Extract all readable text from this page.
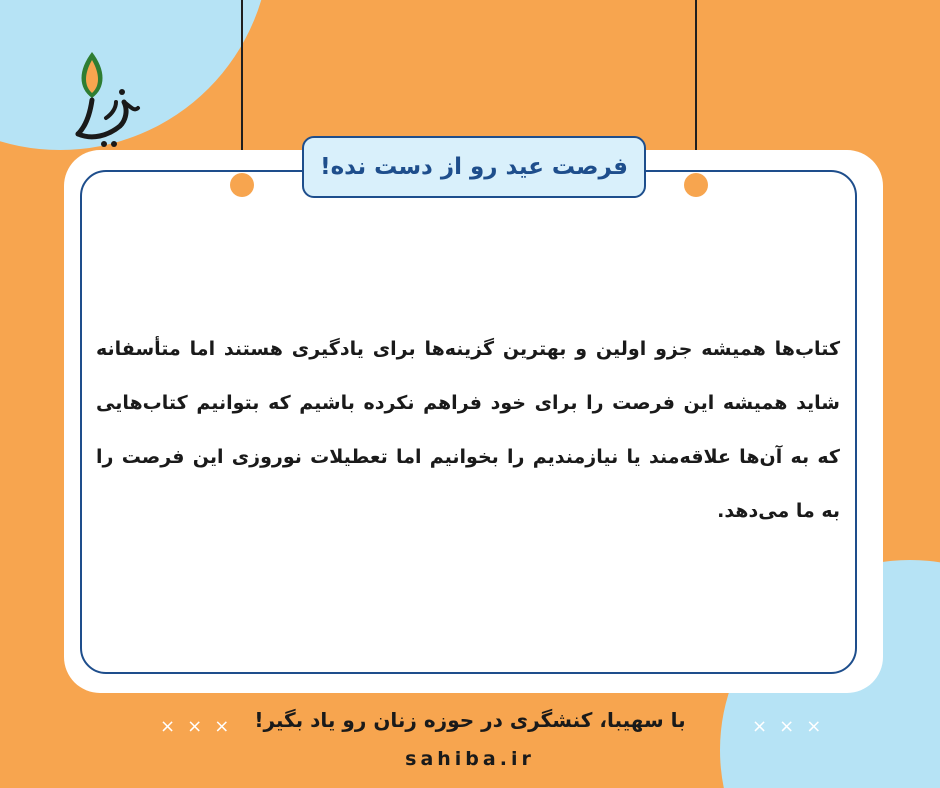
فرصت عید رو از دست نده!
کتاب‌ها همیشه جزو اولین و بهترین گزینه‌ها برای یادگیری هستند اما متأسفانه شاید همیشه این فرصت را برای خود فراهم نکرده باشیم که بتوانیم کتاب‌هایی که به آن‌ها علاقه‌مند یا نیازمندیم را بخوانیم اما تعطیلات نوروزی این فرصت را به ما می‌دهد.
× × × با سهیبا، کنشگری در حوزه زنان رو یاد بگیر!	× × ×
sahiba.ir
